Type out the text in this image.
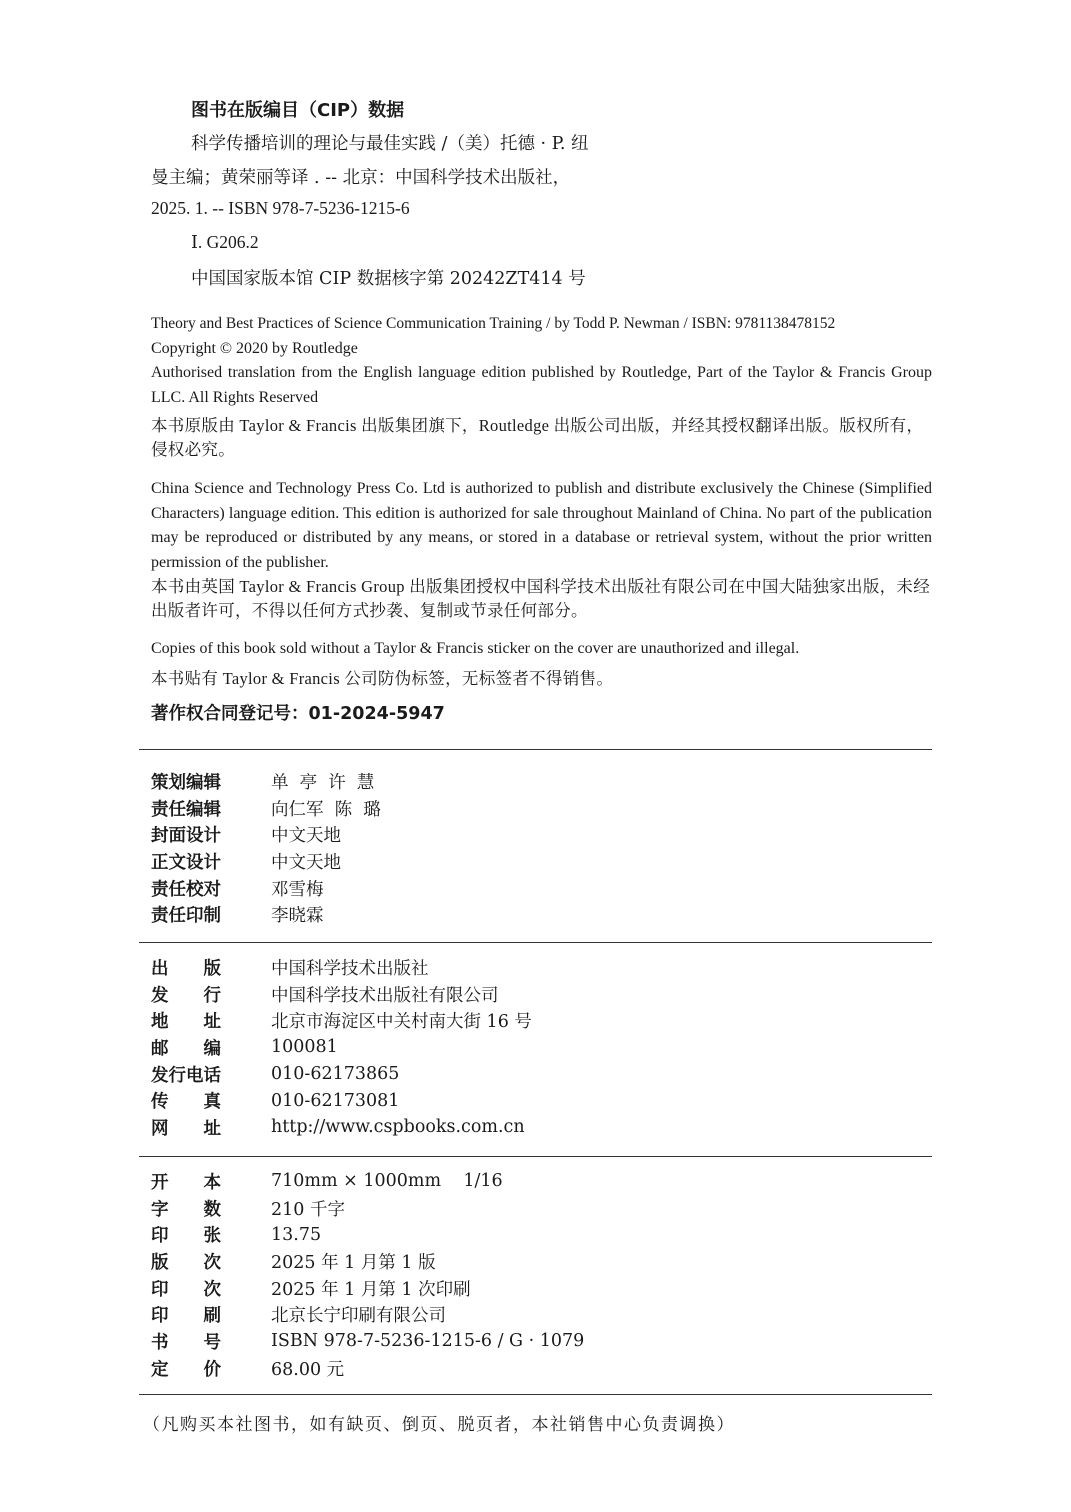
图书在版编目（CIP）数据
科学传播培训的理论与最佳实践 /（美）托德 · P. 纽
曼主编；黄荣丽等译 . -- 北京：中国科学技术出版社，
2025. 1. -- ISBN 978-7-5236-1215-6
Ⅰ. G206.2
中国国家版本馆 CIP 数据核字第 20242ZT414 号

Theory and Best Practices of Science Communication Training / by Todd P. Newman / ISBN: 9781138478152

Copyright © 2020 by Routledge

Authorised translation from the English language edition published by Routledge, Part of the Taylor & Francis Group LLC. All Rights Reserved

本书原版由 Taylor & Francis 出版集团旗下，Routledge 出版公司出版，并经其授权翻译出版。版权所有，侵权必究。

China Science and Technology Press Co. Ltd is authorized to publish and distribute exclusively the Chinese (Simplified Characters) language edition. This edition is authorized for sale throughout Mainland of China. No part of the publication may be reproduced or distributed by any means, or stored in a database or retrieval system, without the prior written permission of the publisher.

本书由英国 Taylor & Francis Group 出版集团授权中国科学技术出版社有限公司在中国大陆独家出版，未经出版者许可，不得以任何方式抄袭、复制或节录任何部分。

Copies of this book sold without a Taylor & Francis sticker on the cover are unauthorized and illegal.

本书贴有 Taylor & Francis 公司防伪标签，无标签者不得销售。

著作权合同登记号：01-2024-5947
策划编辑	单  亭  许  慧
责任编辑	向仁军  陈  璐
封面设计	中文天地
正文设计	中文天地
责任校对	邓雪梅
责任印制	李晓霖
出　　版	中国科学技术出版社
发　　行	中国科学技术出版社有限公司
地　　址	北京市海淀区中关村南大街 16 号
邮　　编	100081
发行电话	010-62173865
传　　真	010-62173081
网　　址	http://www.cspbooks.com.cn
开　　本	710mm × 1000mm    1/16
字　　数	210 千字
印　　张	13.75
版　　次	2025 年 1 月第 1 版
印　　次	2025 年 1 月第 1 次印刷
印　　刷	北京长宁印刷有限公司
书　　号	ISBN 978-7-5236-1215-6 / G · 1079
定　　价	68.00 元
（凡购买本社图书，如有缺页、倒页、脱页者，本社销售中心负责调换）
